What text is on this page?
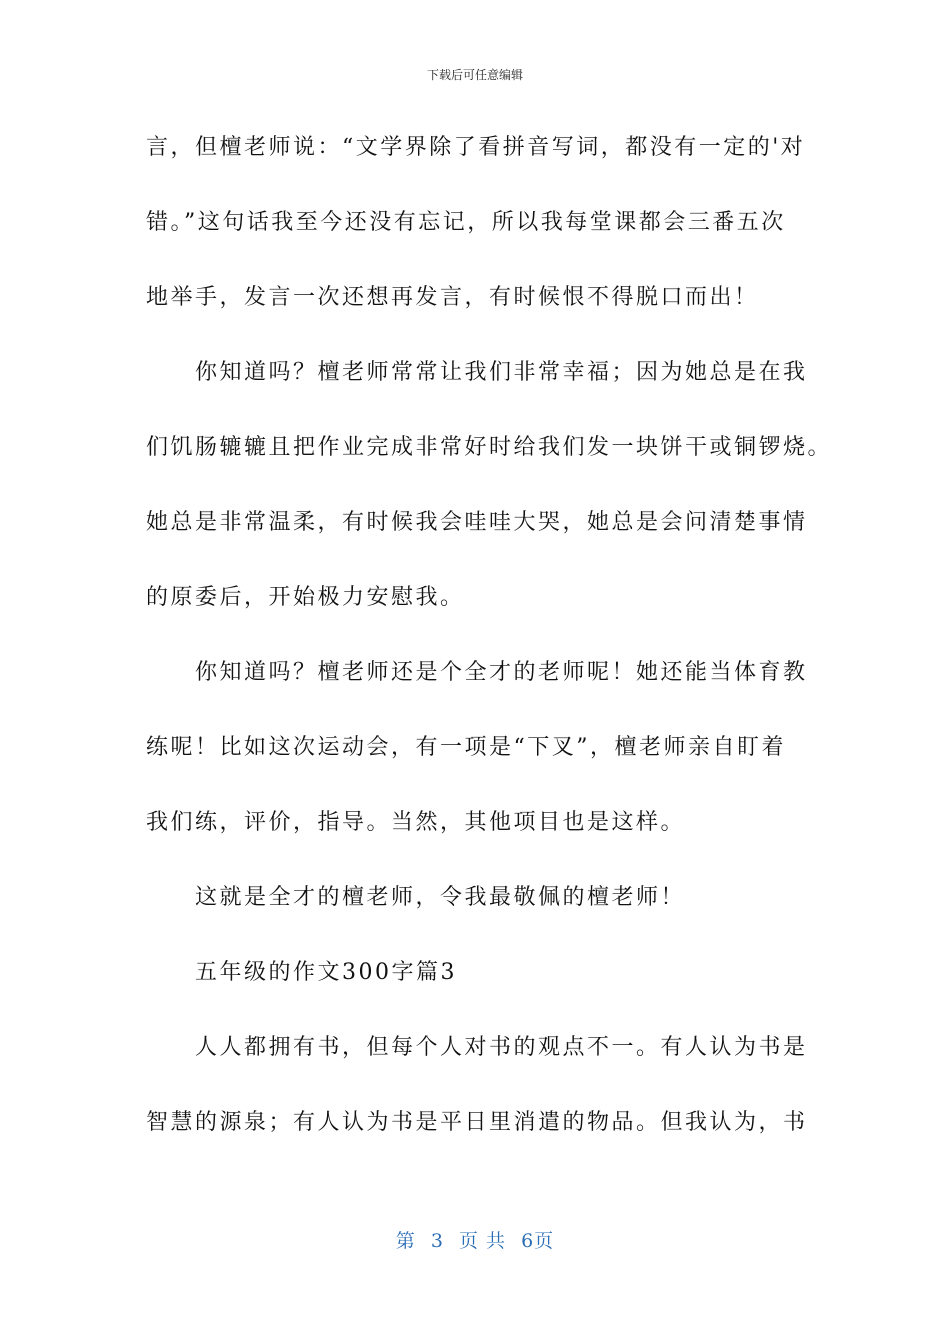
下载后可任意编辑
言，但檀老师说：“文学界除了看拼音写词，都没有一定的'对
错。”这句话我至今还没有忘记，所以我每堂课都会三番五次
地举手，发言一次还想再发言，有时候恨不得脱口而出！
　　你知道吗？檀老师常常让我们非常幸福；因为她总是在我
们饥肠辘辘且把作业完成非常好时给我们发一块饼干或铜锣烧。
她总是非常温柔，有时候我会哇哇大哭，她总是会问清楚事情
的原委后，开始极力安慰我。
　　你知道吗？檀老师还是个全才的老师呢！她还能当体育教
练呢！比如这次运动会，有一项是“下叉”，檀老师亲自盯着
我们练，评价，指导。当然，其他项目也是这样。
　　这就是全才的檀老师，令我最敬佩的檀老师！
　　五年级的作文300字篇3
　　人人都拥有书，但每个人对书的观点不一。有人认为书是
智慧的源泉；有人认为书是平日里消遣的物品。但我认为，书
第 3 页 共 6页
